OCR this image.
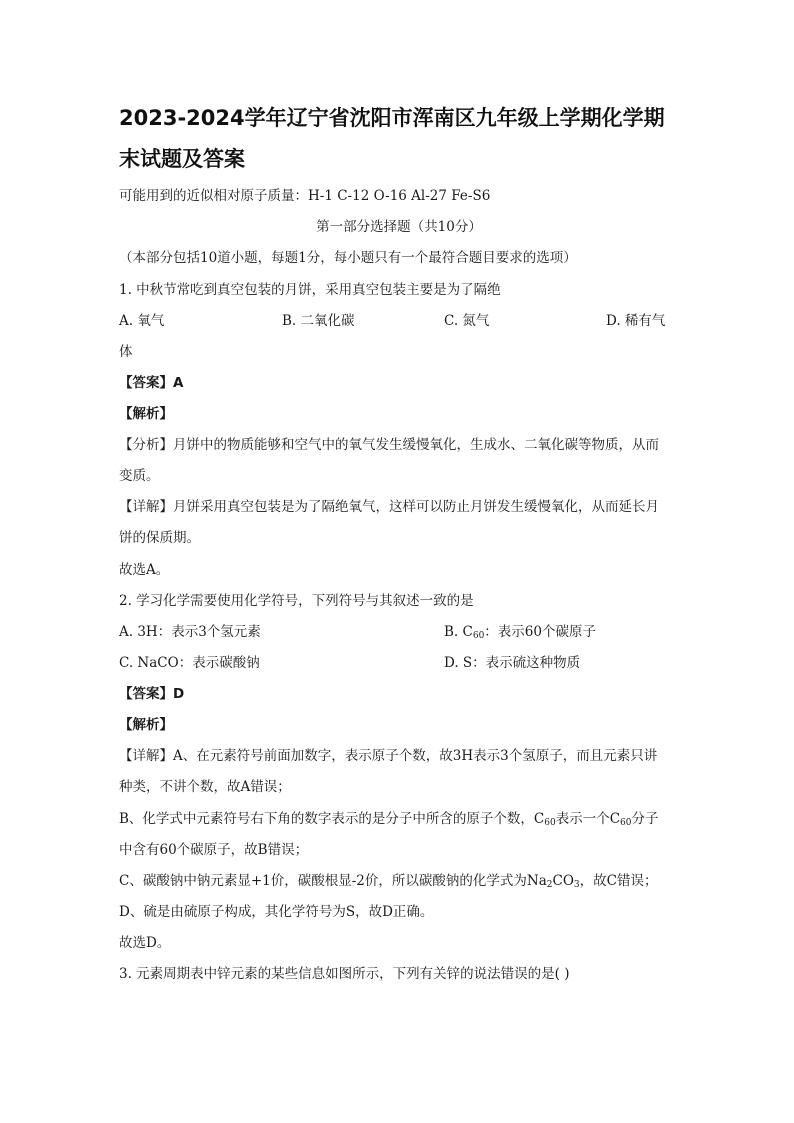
2023-2024学年辽宁省沈阳市浑南区九年级上学期化学期末试题及答案
可能用到的近似相对原子质量：H-1 C-12 O-16 Al-27 Fe-S6
第一部分选择题（共10分）
（本部分包括10道小题，每题1分，每小题只有一个最符合题目要求的选项）
1. 中秋节常吃到真空包装的月饼，采用真空包装主要是为了隔绝
A. 氧气	B. 二氧化碳	C. 氮气	D. 稀有气
体
【答案】A
【解析】
【分析】月饼中的物质能够和空气中的氧气发生缓慢氧化，生成水、二氧化碳等物质，从而
变质。
【详解】月饼采用真空包装是为了隔绝氧气，这样可以防止月饼发生缓慢氧化，从而延长月
饼的保质期。
故选A。
2. 学习化学需要使用化学符号，下列符号与其叙述一致的是
A. 3H：表示3个氢元素	B. $C_{60}$：表示60个碳原子
C. NaCO：表示碳酸钠	D. S：表示硫这种物质
【答案】D
【解析】
【详解】A、在元素符号前面加数字，表示原子个数，故3H表示3个氢原子，而且元素只讲
种类，不讲个数，故A错误；
B、化学式中元素符号右下角的数字表示的是分子中所含的原子个数，$C_{60}$表示一个$C_{60}$分子
中含有60个碳原子，故B错误；
C、碳酸钠中钠元素显+1价，碳酸根显-2价，所以碳酸钠的化学式为$Na_2CO_3$，故C错误；
D、硫是由硫原子构成，其化学符号为S，故D正确。
故选D。
3. 元素周期表中锌元素的某些信息如图所示，下列有关锌的说法错误的是( )
